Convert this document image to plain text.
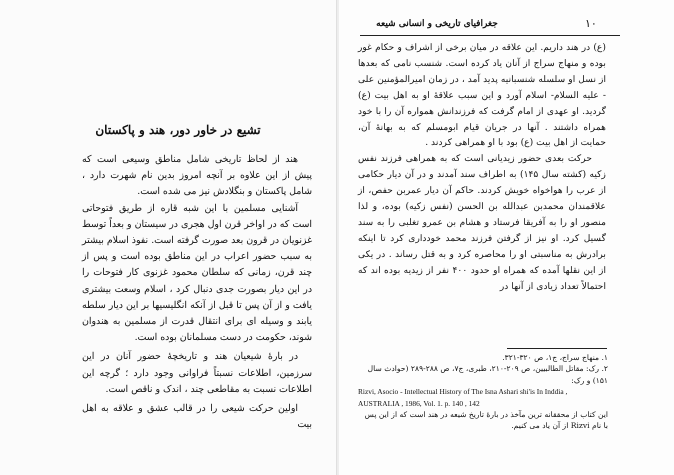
تشیع در خاور دور، هند و پاکستان

هند از لحاظ تاریخی شامل مناطق وسیعی است که پیش از این علاوه بر آنچه امروز بدین نام شهرت دارد ، شامل پاکستان و بنگلادش نیز می شده است.

آشنایی مسلمین با این شبه قاره از طریق فتوحاتی است که در اواخر قرن اول هجری در سیستان و بعداً توسط غزنویان در قرون بعد صورت گرفته است. نفوذ اسلام بیشتر به سبب حضور اعراب در این مناطق بوده است و پس از چند قرن، زمانی که سلطان محمود غزنوی کار فتوحات را در این دیار بصورت جدی دنبال کرد ، اسلام وسعت بیشتری یافت و از آن پس تا قبل از آنکه انگلیسیها بر این دیار سلطه یابند و وسیله ای برای انتقال قدرت از مسلمین به هندوان شوند، حکومت در دست مسلمانان بوده است.

در بارهٔ شیعیان هند و تاریخچهٔ حضور آنان در این سرزمین، اطلاعات نسبتاً فراوانی وجود دارد ؛ گرچه این اطلاعات نسبت به مقاطعی چند ، اندک و ناقص است.

اولین حرکت شیعی را در قالب عشق و علاقه به اهل بیت

۱۰
جغرافیای تاریخی و انسانی شیعه

(ع) در هند داریم. این علاقه در میان برخی از اشراف و حکام غور بوده و منهاج سراج از آنان یاد کرده است. شنسب نامی که بعدها از نسل او سلسله شنسبانیه پدید آمد ، در زمان امیرالمؤمنین علی - علیه السلام- اسلام آورد و این سبب علاقهٔ او به اهل بیت (ع) گردید. او عهدی از امام گرفت که فرزندانش همواره آن را با خود همراه داشتند . آنها در جریان قیام ابومسلم که به بهانهٔ آن، حمایت از اهل بیت (ع) بود با او همراهی کردند .

حرکت بعدی حضور زیدیانی است که به همراهی فرزند نفس زکیه (کشته سال ۱۴۵) به اطراف سند آمدند و در آن دیار حکامی از عرب را هواخواه خویش کردند. حاکم آن دیار عمربن حفص، از علاقمندان محمدبن عبدالله بن الحسن (نفس زکیه) بوده، و لذا منصور او را به آفریقا فرستاد و هشام بن عمرو تغلبی را به سند گسیل کرد. او نیز از گرفتن فرزند محمد خودداری کرد تا اینکه برادرش به مناسبتی او را محاصره کرد و به قتل رساند . در یکی از این نقلها آمده که همراه او حدود ۴۰۰ نفر از زیدیه بوده اند که احتمالاً تعداد زیادی از آنها در

۱. منهاج سراج، ج۱، ص ۳۲۰-۳۲۱.

۲. رک: مقاتل الطالبیین، ص ۲۰۹-۲۱۰، طبری، ج۷، ص ۲۸۸-۲۸۹ (حوادث سال ۱۵۱) و رک:

Rizvi, Asocio - Intellectual History of The Isna Ashari shi'is In Inddia , AUSTRALIA , 1986, Vol. 1. p. 140 , 142

این کتاب از محققانه ترین مآخذ در بارهٔ تاریخ شیعه در هند است که از این پس با نام Rizvi از آن یاد می کنیم.
